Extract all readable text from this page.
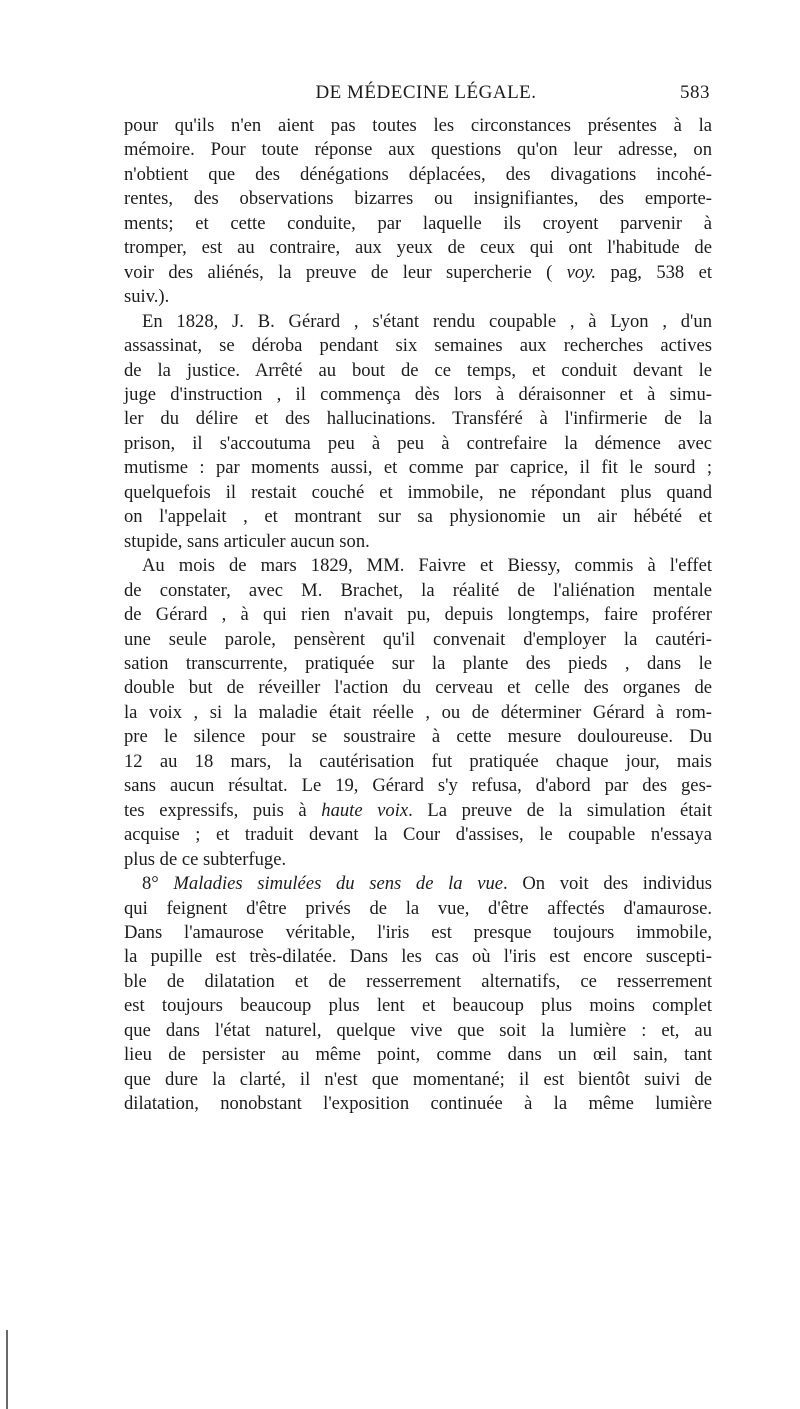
DE MÉDECINE LÉGALE.	583
pour qu'ils n'en aient pas toutes les circonstances présentes à la
mémoire. Pour toute réponse aux questions qu'on leur adresse, on
n'obtient que des dénégations déplacées, des divagations incohé-
rentes, des observations bizarres ou insignifiantes, des emporte-
ments; et cette conduite, par laquelle ils croyent parvenir à
tromper, est au contraire, aux yeux de ceux qui ont l'habitude de
voir des aliénés, la preuve de leur supercherie ( voy. pag, 538 et
suiv.).
En 1828, J. B. Gérard , s'étant rendu coupable , à Lyon , d'un
assassinat, se déroba pendant six semaines aux recherches actives
de la justice. Arrêté au bout de ce temps, et conduit devant le
juge d'instruction , il commença dès lors à déraisonner et à simu-
ler du délire et des hallucinations. Transféré à l'infirmerie de la
prison, il s'accoutuma peu à peu à contrefaire la démence avec
mutisme : par moments aussi, et comme par caprice, il fit le sourd ;
quelquefois il restait couché et immobile, ne répondant plus quand
on l'appelait , et montrant sur sa physionomie un air hébété et
stupide, sans articuler aucun son.
Au mois de mars 1829, MM. Faivre et Biessy, commis à l'effet
de constater, avec M. Brachet, la réalité de l'aliénation mentale
de Gérard , à qui rien n'avait pu, depuis longtemps, faire proférer
une seule parole, pensèrent qu'il convenait d'employer la cautéri-
sation transcurrente, pratiquée sur la plante des pieds , dans le
double but de réveiller l'action du cerveau et celle des organes de
la voix , si la maladie était réelle , ou de déterminer Gérard à rom-
pre le silence pour se soustraire à cette mesure douloureuse. Du
12 au 18 mars, la cautérisation fut pratiquée chaque jour, mais
sans aucun résultat. Le 19, Gérard s'y refusa, d'abord par des ges-
tes expressifs, puis à haute voix. La preuve de la simulation était
acquise ; et traduit devant la Cour d'assises, le coupable n'essaya
plus de ce subterfuge.
8° Maladies simulées du sens de la vue. On voit des individus
qui feignent d'être privés de la vue, d'être affectés d'amaurose.
Dans l'amaurose véritable, l'iris est presque toujours immobile,
la pupille est très-dilatée. Dans les cas où l'iris est encore suscepti-
ble de dilatation et de resserrement alternatifs, ce resserrement
est toujours beaucoup plus lent et beaucoup plus moins complet
que dans l'état naturel, quelque vive que soit la lumière : et, au
lieu de persister au même point, comme dans un œil sain, tant
que dure la clarté, il n'est que momentané; il est bientôt suivi de
dilatation, nonobstant l'exposition continuée à la même lumière
